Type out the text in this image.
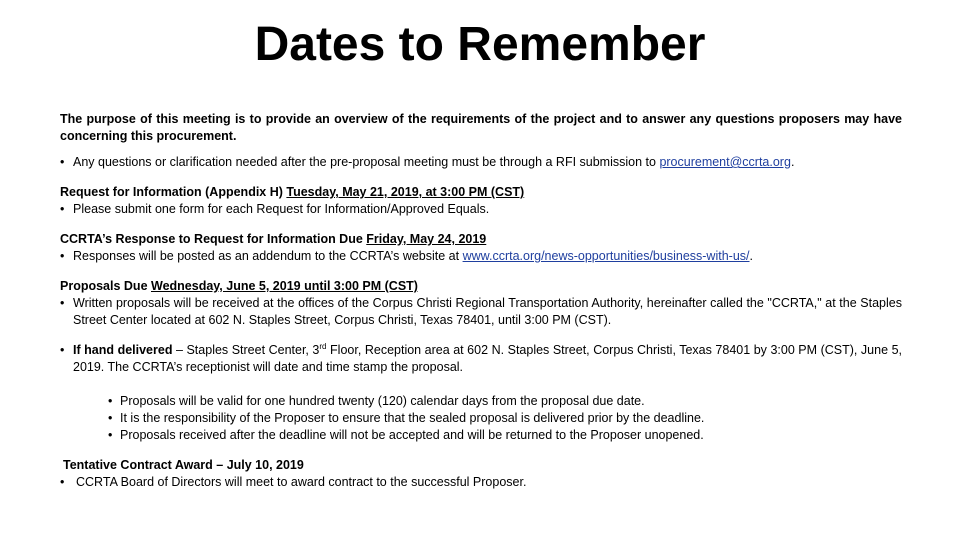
Dates to Remember

The purpose of this meeting is to provide an overview of the requirements of the project and to answer any questions proposers may have concerning this procurement.

• Any questions or clarification needed after the pre-proposal meeting must be through a RFI submission to procurement@ccrta.org.

Request for Information (Appendix H) Tuesday, May 21, 2019, at 3:00 PM (CST)

• Please submit one form for each Request for Information/Approved Equals.

CCRTA’s Response to Request for Information Due Friday, May 24, 2019

• Responses will be posted as an addendum to the CCRTA’s website at www.ccrta.org/news-opportunities/business-with-us/.

Proposals Due Wednesday, June 5, 2019 until 3:00 PM (CST)

• Written proposals will be received at the offices of the Corpus Christi Regional Transportation Authority, hereinafter called the "CCRTA," at the Staples Street Center located at 602 N. Staples Street, Corpus Christi, Texas 78401, until 3:00 PM (CST).

• If hand delivered – Staples Street Center, 3rd Floor, Reception area at 602 N. Staples Street, Corpus Christi, Texas 78401 by 3:00 PM (CST), June 5, 2019. The CCRTA’s receptionist will date and time stamp the proposal.

• Proposals will be valid for one hundred twenty (120) calendar days from the proposal due date.

• It is the responsibility of the Proposer to ensure that the sealed proposal is delivered prior by the deadline.

• Proposals received after the deadline will not be accepted and will be returned to the Proposer unopened.

Tentative Contract Award – July 10, 2019

• CCRTA Board of Directors will meet to award contract to the successful Proposer.
